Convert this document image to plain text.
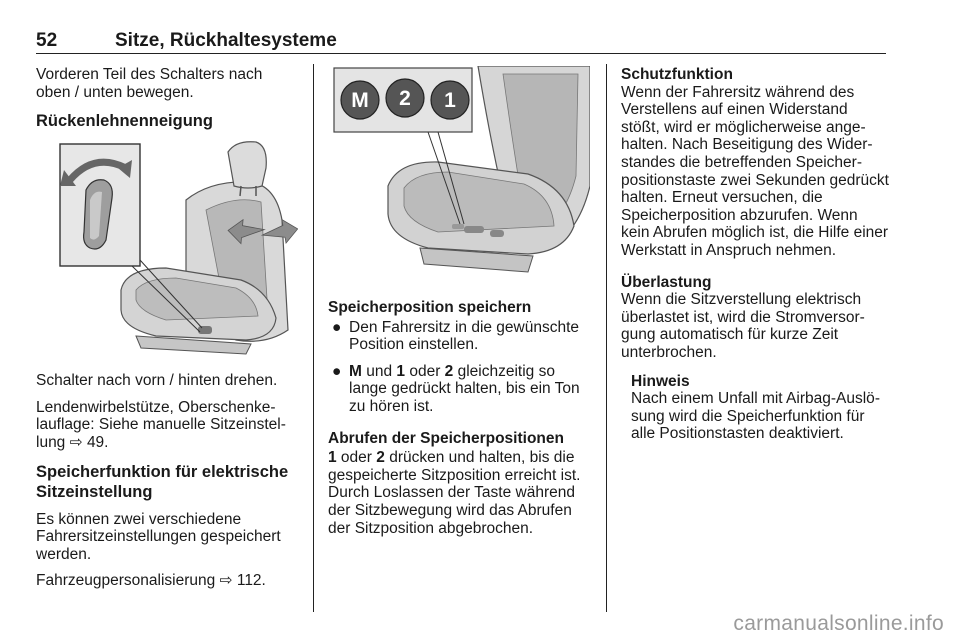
52	Sitze, Rückhaltesysteme
Vorderen Teil des Schalters nach oben / unten bewegen.
Rückenlehnenneigung
Schalter nach vorn / hinten drehen.
Lendenwirbelstütze, Oberschenkelauflage: Siehe manuelle Sitzeinstellung ⇨ 49.
Speicherfunktion für elektrische Sitzeinstellung
Es können zwei verschiedene Fahrersitzeinstellungen gespeichert werden.
Fahrzeugpersonalisierung ⇨ 112.
M 2 1
Speicherposition speichern
● Den Fahrersitz in die gewünschte Position einstellen.
● M und 1 oder 2 gleichzeitig so lange gedrückt halten, bis ein Ton zu hören ist.
Abrufen der Speicherpositionen
1 oder 2 drücken und halten, bis die gespeicherte Sitzposition erreicht ist. Durch Loslassen der Taste während der Sitzbewegung wird das Abrufen der Sitzposition abgebrochen.
Schutzfunktion
Wenn der Fahrersitz während des Verstellens auf einen Widerstand stößt, wird er möglicherweise angehalten. Nach Beseitigung des Widerstandes die betreffenden Speicherpositionstaste zwei Sekunden gedrückt halten. Erneut versuchen, die Speicherposition abzurufen. Wenn kein Abrufen möglich ist, die Hilfe einer Werkstatt in Anspruch nehmen.
Überlastung
Wenn die Sitzverstellung elektrisch überlastet ist, wird die Stromversorgung automatisch für kurze Zeit unterbrochen.
Hinweis
Nach einem Unfall mit Airbag-Auslösung wird die Speicherfunktion für alle Positionstasten deaktiviert.
carmanualsonline.info
